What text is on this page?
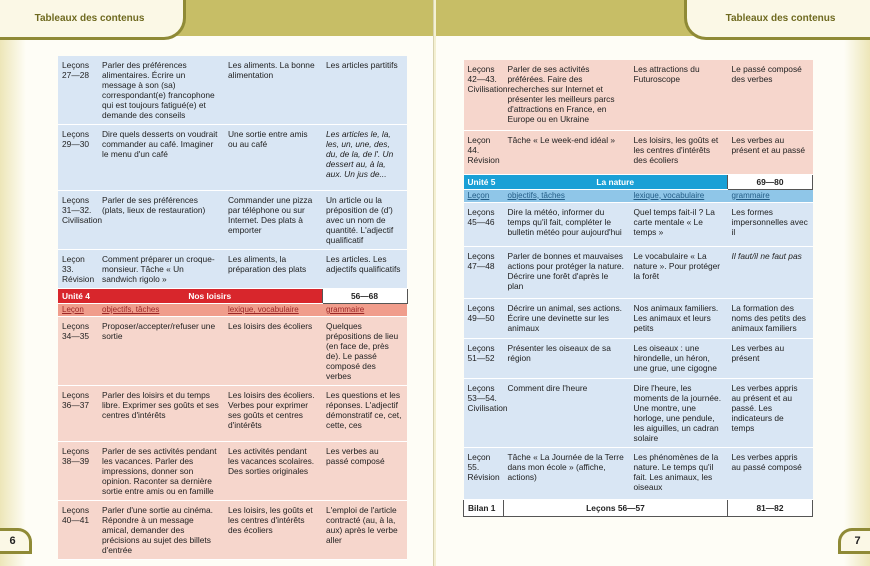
Tableaux des contenus
Leçons 27—28	Parler des préférences alimentaires. Écrire un message à son (sa) correspondant(e) francophone qui est toujours fatigué(e) et demande des conseils	Les aliments. La bonne alimentation	Les articles partitifs
Leçons 29—30	Dire quels desserts on voudrait commander au café. Imaginer le menu d'un café	Une sortie entre amis ou au café	Les articles le, la, les, un, une, des, du, de la, de l'. Un dessert au, à la, aux. Un jus de...
Leçons 31—32. Civilisation	Parler de ses préférences (plats, lieux de restauration)	Commander une pizza par téléphone ou sur Internet. Des plats à emporter	Un article ou la préposition de (d') avec un nom de quantité. L'adjectif qualificatif
Leçon 33. Révision	Comment préparer un croque-monsieur. Tâche « Un sandwich rigolo »	Les aliments, la préparation des plats	Les articles. Les adjectifs qualificatifs
Unité 4	Nos loisirs		56—68
Leçon	objectifs, tâches	lexique, vocabulaire	grammaire
Leçons 34—35	Proposer/accepter/refuser une sortie	Les loisirs des écoliers	Quelques prépositions de lieu (en face de, près de). Le passé composé des verbes
Leçons 36—37	Parler des loisirs et du temps libre. Exprimer ses goûts et ses centres d'intérêts	Les loisirs des écoliers. Verbes pour exprimer ses goûts et centres d'intérêts	Les questions et les réponses. L'adjectif démonstratif ce, cet, cette, ces
Leçons 38—39	Parler de ses activités pendant les vacances. Parler des impressions, donner son opinion. Raconter sa dernière sortie entre amis ou en famille	Les activités pendant les vacances scolaires. Des sorties originales	Les verbes au passé composé
Leçons 40—41	Parler d'une sortie au cinéma. Répondre à un message amical, demander des précisions au sujet des billets d'entrée	Les loisirs, les goûts et les centres d'intérêts des écoliers	L'emploi de l'article contracté (au, à la, aux) après le verbe aller
6
Tableaux des contenus
Leçons 42—43. Civilisation	Parler de ses activités préférées. Faire des recherches sur Internet et présenter les meilleurs parcs d'attractions en France, en Europe ou en Ukraine	Les attractions du Futuroscope	Le passé composé des verbes
Leçon 44. Révision	Tâche « Le week-end idéal »	Les loisirs, les goûts et les centres d'intérêts des écoliers	Les verbes au présent et au passé
Unité 5	La nature		69—80
Leçon	objectifs, tâches	lexique, vocabulaire	grammaire
Leçons 45—46	Dire la météo, informer du temps qu'il fait, compléter le bulletin météo pour aujourd'hui	Quel temps fait-il ? La carte mentale « Le temps »	Les formes impersonnelles avec il
Leçons 47—48	Parler de bonnes et mauvaises actions pour protéger la nature. Décrire une forêt d'après le plan	Le vocabulaire « La nature ». Pour protéger la forêt	Il faut/il ne faut pas
Leçons 49—50	Décrire un animal, ses actions. Écrire une devinette sur les animaux	Nos animaux familiers. Les animaux et leurs petits	La formation des noms des petits des animaux familiers
Leçons 51—52	Présenter les oiseaux de sa région	Les oiseaux : une hirondelle, un héron, une grue, une cigogne	Les verbes au présent
Leçons 53—54. Civilisation	Comment dire l'heure	Dire l'heure, les moments de la journée. Une montre, une horloge, une pendule, les aiguilles, un cadran solaire	Les verbes appris au présent et au passé. Les indicateurs de temps
Leçon 55. Révision	Tâche « La Journée de la Terre dans mon école » (affiche, actions)	Les phénomènes de la nature. Le temps qu'il fait. Les animaux, les oiseaux	Les verbes appris au passé composé
Bilan 1	Leçons 56—57		81—82
7
